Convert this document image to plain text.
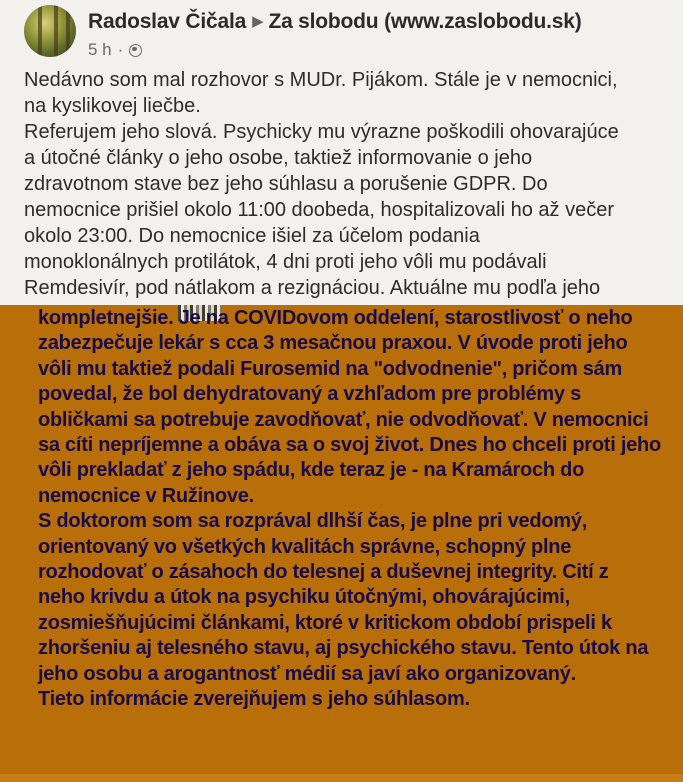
Radoslav Čičala ▶ Za slobodu (www.zaslobodu.sk)
5 h ·

Nedávno som mal rozhovor s MUDr. Pijákom. Stále je v nemocnici,

na kyslikovej liečbe.

Referujem jeho slová. Psychicky mu výrazne poškodili ohovarajúce

a útočné články o jeho osobe, taktiež informovanie o jeho

zdravotnom stave bez jeho súhlasu a porušenie GDPR. Do

nemocnice prišiel okolo 11:00 doobeda, hospitalizovali ho až večer

okolo 23:00. Do nemocnice išiel za účelom podania

monoklonálnych protilátok, 4 dni proti jeho vôli mu podávali

Remdesivír, pod nátlakom a rezignáciou. Aktuálne mu podľa jeho

kompletnejšie. Je na COVIDovom oddelení, starostlivosť o neho

zabezpečuje lekár s cca 3 mesačnou praxou. V úvode proti jeho

vôli mu taktiež podali Furosemid na "odvodnenie", pričom sám

povedal, že bol dehydratovaný a vzhľadom pre problémy s

obličkami sa potrebuje zavodňovať, nie odvodňovať. V nemocnici

sa cíti nepríjemne a obáva sa o svoj život. Dnes ho chceli proti jeho

vôli prekladať z jeho spádu, kde teraz je - na Kramároch do

nemocnice v Ružinove.

S doktorom som sa rozprával dlhší čas, je plne pri vedomý,

orientovaný vo všetkých kvalitách správne, schopný plne

rozhodovať o zásahoch do telesnej a duševnej integrity. Cití z

neho krivdu a útok na psychiku útočnými, ohovárajúcimi,

zosmiešňujúcimi článkami, ktoré v kritickom období prispeli k

zhoršeniu aj telesného stavu, aj psychického stavu. Tento útok na

jeho osobu a arogantnosť médií sa javí ako organizovaný.

Tieto informácie zverejňujem s jeho súhlasom.
